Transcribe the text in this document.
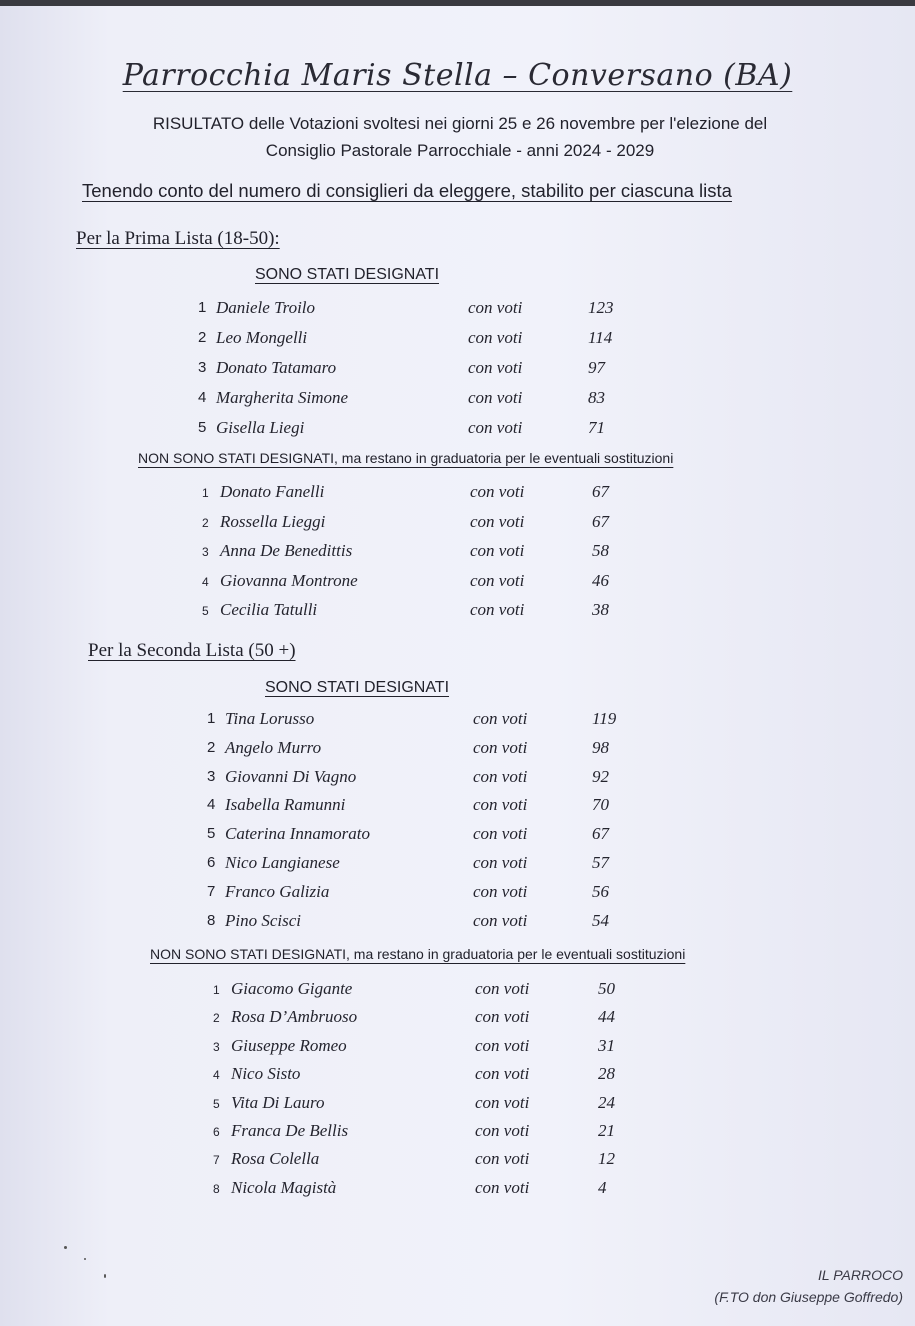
Parrocchia Maris Stella – Conversano (BA)
RISULTATO delle Votazioni svoltesi nei giorni 25 e 26 novembre per l'elezione del
Consiglio Pastorale Parrocchiale - anni 2024 - 2029
Tenendo conto del numero di consiglieri da eleggere, stabilito per ciascuna lista
Per la Prima Lista (18-50):
SONO STATI DESIGNATI
1 Daniele Troilo	con voti	123
2 Leo Mongelli	con voti	114
3 Donato Tatamaro	con voti	97
4 Margherita Simone	con voti	83
5 Gisella Liegi	con voti	71
NON SONO STATI DESIGNATI, ma restano in graduatoria per le eventuali sostituzioni
1 Donato Fanelli	con voti	67
2 Rossella Lieggi	con voti	67
3 Anna De Benedittis	con voti	58
4 Giovanna Montrone	con voti	46
5 Cecilia Tatulli	con voti	38
Per la Seconda Lista (50 +)
SONO STATI DESIGNATI
1 Tina Lorusso	con voti	119
2 Angelo Murro	con voti	98
3 Giovanni Di Vagno	con voti	92
4 Isabella Ramunni	con voti	70
5 Caterina Innamorato	con voti	67
6 Nico Langianese	con voti	57
7 Franco Galizia	con voti	56
8 Pino Scisci	con voti	54
NON SONO STATI DESIGNATI, ma restano in graduatoria per le eventuali sostituzioni
1 Giacomo Gigante	con voti	50
2 Rosa D’Ambruoso	con voti	44
3 Giuseppe Romeo	con voti	31
4 Nico Sisto	con voti	28
5 Vita Di Lauro	con voti	24
6 Franca De Bellis	con voti	21
7 Rosa Colella	con voti	12
8 Nicola Magistà	con voti	4
IL PARROCO
(F.TO don Giuseppe Goffredo)
